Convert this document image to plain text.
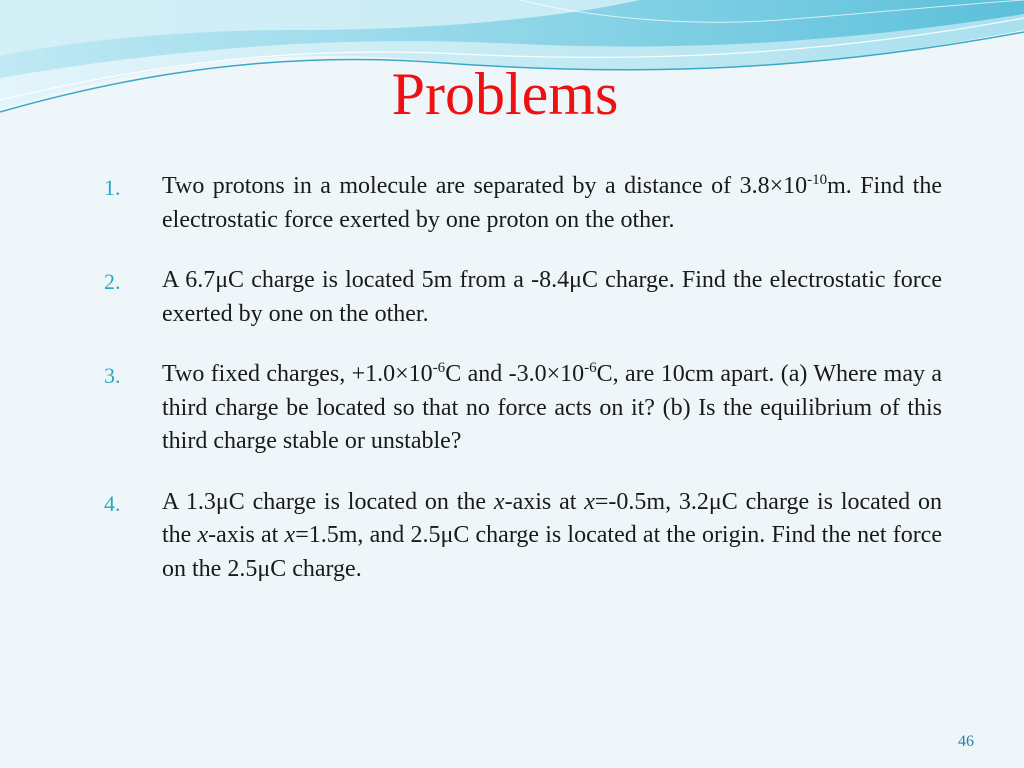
Problems
1.	Two protons in a molecule are separated by a distance of $3.8\times 10^{-10}m$. Find the electrostatic force exerted by one proton on the other.
2.	A 6.7μC charge is located 5m from a -8.4μC charge. Find the electrostatic force exerted by one on the other.
3.	Two fixed charges, $+1.0\times 10^{-6}C$ and $-3.0\times 10^{-6}C$, are 10cm apart. (a) Where may a third charge be located so that no force acts on it? (b) Is the equilibrium of this third charge stable or unstable?
4.	A 1.3μC charge is located on the x-axis at x=-0.5m, 3.2μC charge is located on the x-axis at x=1.5m, and 2.5μC charge is located at the origin. Find the net force on the 2.5μC charge.
46
